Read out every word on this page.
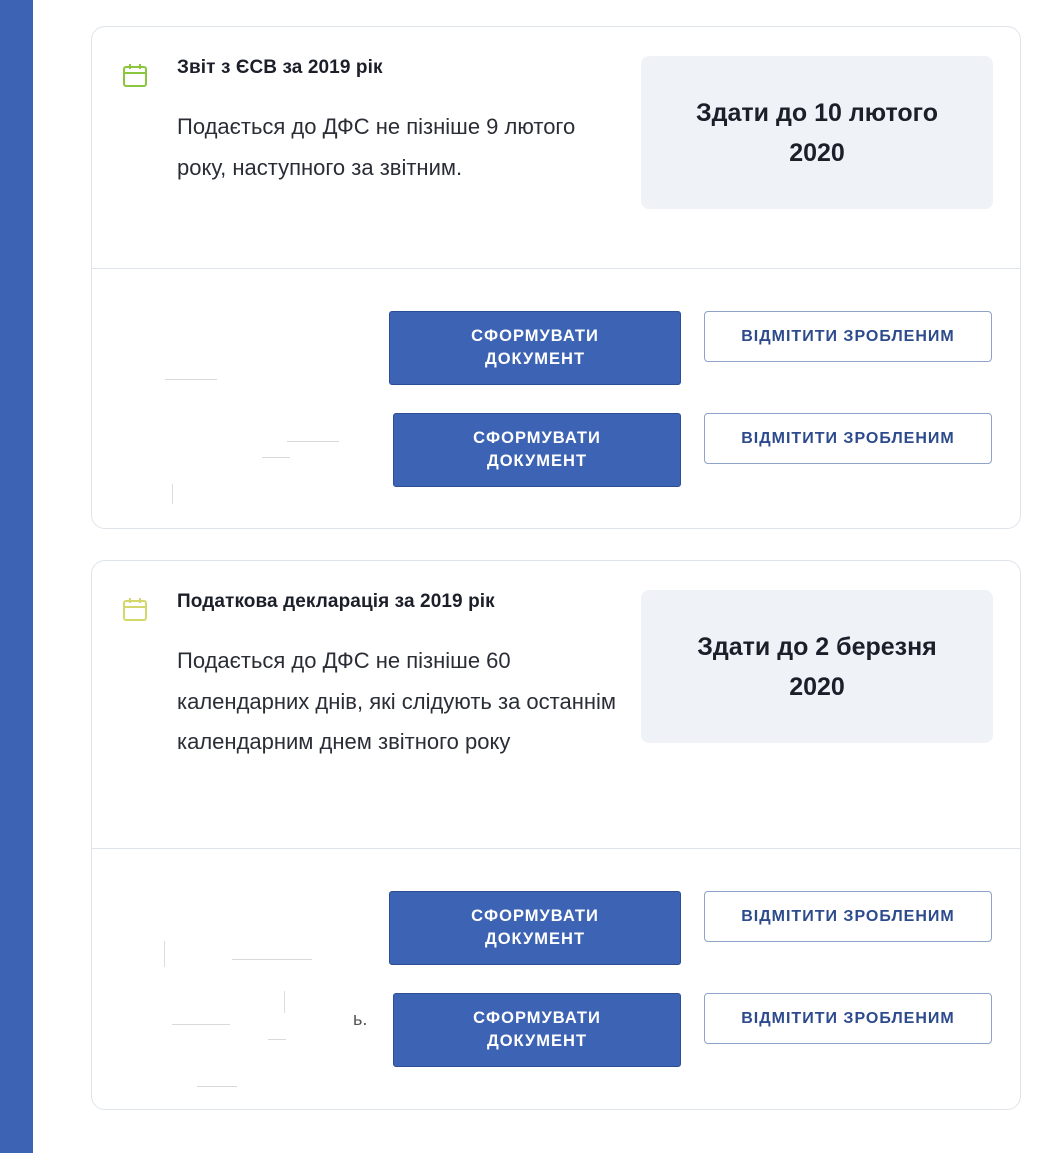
Звіт з ЄСВ за 2019 рік
Подається до ДФС не пізніше 9 лютого року, наступного за звітним.
Здати до 10 лютого 2020
СФОРМУВАТИ ДОКУМЕНТ
ВІДМІТИТИ ЗРОБЛЕНИМ
СФОРМУВАТИ ДОКУМЕНТ
ВІДМІТИТИ ЗРОБЛЕНИМ
Податкова декларація за 2019 рік
Подається до ДФС не пізніше 60 календарних днів, які слідують за останнім календарним днем звітного року
Здати до 2 березня 2020
ь.
СФОРМУВАТИ ДОКУМЕНТ
ВІДМІТИТИ ЗРОБЛЕНИМ
СФОРМУВАТИ ДОКУМЕНТ
ВІДМІТИТИ ЗРОБЛЕНИМ
